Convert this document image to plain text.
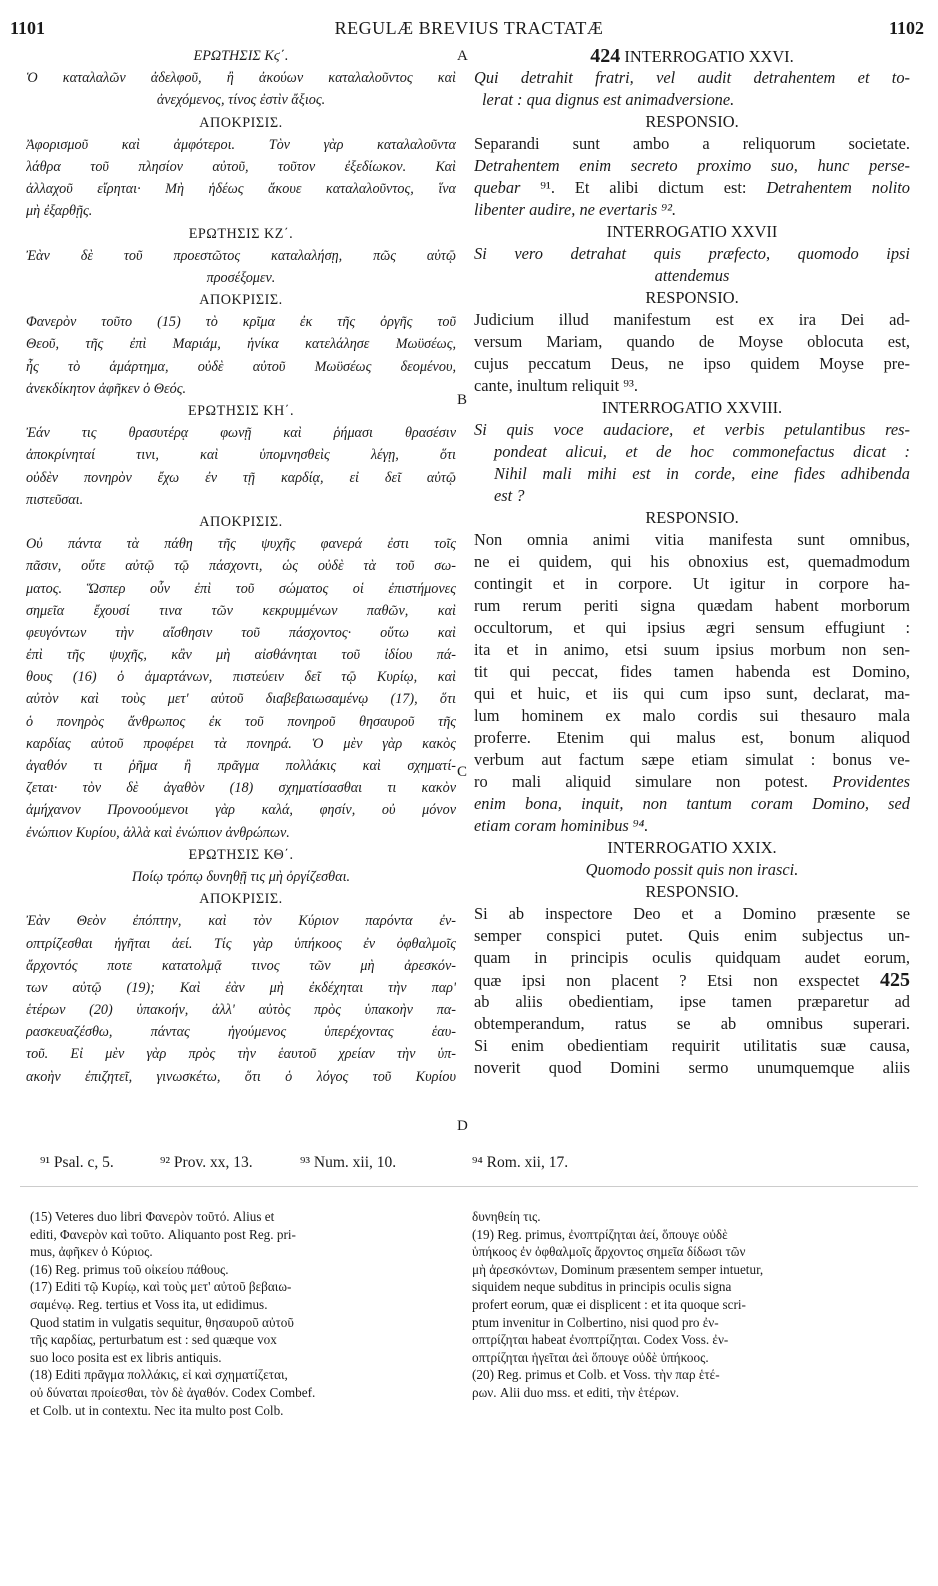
1101	REGULÆ BREVIUS TRACTATÆ	1102
ΕΡΩΤΗΣΙΣ Κϛ΄.
Ὁ καταλαλῶν ἀδελφοῦ, ἢ ἀκούων καταλαλοῦντος καὶ
ἀνεχόμενος, τίνος ἐστὶν ἄξιος.
ΑΠΟΚΡΙΣΙΣ.
Ἀφορισμοῦ καὶ ἀμφότεροι. Τὸν γὰρ καταλαλοῦντα
λάθρα τοῦ πλησίον αὐτοῦ, τοῦτον ἐξεδίωκον. Καὶ
ἀλλαχοῦ εἴρηται· Μὴ ἡδέως ἄκουε καταλαλοῦντος, ἵνα
μὴ ἐξαρθῇς.
ΕΡΩΤΗΣΙΣ ΚΖ΄.
Ἐὰν δὲ τοῦ προεστῶτος καταλαλήσῃ, πῶς αὐτῷ
προσέξομεν.
ΑΠΟΚΡΙΣΙΣ.
Φανερὸν τοῦτο (15) τὸ κρῖμα ἐκ τῆς ὀργῆς τοῦ
Θεοῦ, τῆς ἐπὶ Μαριάμ, ἡνίκα κατελάλησε Μωϋσέως,
ἧς τὸ ἁμάρτημα, οὐδὲ αὐτοῦ Μωϋσέως δεομένου,
ἀνεκδίκητον ἀφῆκεν ὁ Θεός.
ΕΡΩΤΗΣΙΣ ΚΗ΄.
Ἐάν τις θρασυτέρᾳ φωνῇ καὶ ῥήμασι θρασέσιν
ἀποκρίνηταί τινι, καὶ ὑπομνησθεὶς λέγῃ, ὅτι
οὐδὲν πονηρὸν ἔχω ἐν τῇ καρδίᾳ, εἰ δεῖ αὐτῷ
πιστεῦσαι.
ΑΠΟΚΡΙΣΙΣ.
Οὐ πάντα τὰ πάθη τῆς ψυχῆς φανερά ἐστι τοῖς
πᾶσιν, οὔτε αὐτῷ τῷ πάσχοντι, ὡς οὐδὲ τὰ τοῦ σω-
ματος. Ὥσπερ οὖν ἐπὶ τοῦ σώματος οἱ ἐπιστήμονες
σημεῖα ἔχουσί τινα τῶν κεκρυμμένων παθῶν, καὶ
φευγόντων τὴν αἴσθησιν τοῦ πάσχοντος· οὕτω καὶ
ἐπὶ τῆς ψυχῆς, κἂν μὴ αἰσθάνηται τοῦ ἰδίου πά-
θους (16) ὁ ἁμαρτάνων, πιστεύειν δεῖ τῷ Κυρίῳ, καὶ
αὐτὸν καὶ τοὺς μετ' αὐτοῦ διαβεβαιωσαμένῳ (17), ὅτι
ὁ πονηρὸς ἄνθρωπος ἐκ τοῦ πονηροῦ θησαυροῦ τῆς
καρδίας αὐτοῦ προφέρει τὰ πονηρά. Ὁ μὲν γὰρ κακὸς
ἀγαθόν τι ῥῆμα ἢ πρᾶγμα πολλάκις καὶ σχηματί-
ζεται· τὸν δὲ ἀγαθὸν (18) σχηματίσασθαι τι κακὸν
ἀμήχανον Προνοούμενοι γὰρ καλά, φησίν, οὐ μόνον
ἐνώπιον Κυρίου, ἀλλὰ καὶ ἐνώπιον ἀνθρώπων.
ΕΡΩΤΗΣΙΣ ΚΘ΄.
Ποίῳ τρόπῳ δυνηθῇ τις μὴ ὀργίζεσθαι.
ΑΠΟΚΡΙΣΙΣ.
Ἐὰν Θεὸν ἐπόπτην, καὶ τὸν Κύριον παρόντα ἐν-
οπτρίζεσθαι ἡγῆται ἀεί. Τίς γὰρ ὑπήκοος ἐν ὀφθαλμοῖς
ἄρχοντός ποτε κατατολμᾷ τινος τῶν μὴ ἀρεσκόν-
των αὐτῷ (19); Καὶ ἐὰν μὴ ἐκδέχηται τὴν παρ'
ἑτέρων (20) ὑπακοήν, ἀλλ' αὐτὸς πρὸς ὑπακοὴν πα-
ρασκευαζέσθω, πάντας ἡγούμενος ὑπερέχοντας ἑαυ-
τοῦ. Εἰ μὲν γὰρ πρὸς τὴν ἑαυτοῦ χρείαν τὴν ὑπ-
ακοὴν ἐπιζητεῖ, γινωσκέτω, ὅτι ὁ λόγος τοῦ Κυρίου
A
B
C
D
424 INTERROGATIO XXVI.
Qui detrahit fratri, vel audit detrahentem et to-
lerat : qua dignus est animadversione.
RESPONSIO.
Separandi sunt ambo a reliquorum societate.
Detrahentem enim secreto proximo suo, hunc perse-
quebar ⁹¹. Et alibi dictum est: Detrahentem nolito
libenter audire, ne evertaris ⁹².
INTERROGATIO XXVII
Si vero detrahat quis præfecto, quomodo ipsi
attendemus
RESPONSIO.
Judicium illud manifestum est ex ira Dei ad-
versum Mariam, quando de Moyse oblocuta est,
cujus peccatum Deus, ne ipso quidem Moyse pre-
cante, inultum reliquit ⁹³.
INTERROGATIO XXVIII.
Si quis voce audaciore, et verbis petulantibus res-
pondeat alicui, et de hoc commonefactus dicat :
Nihil mali mihi est in corde, eine fides adhibenda
est ?
RESPONSIO.
Non omnia animi vitia manifesta sunt omnibus,
ne ei quidem, qui his obnoxius est, quemadmodum
contingit et in corpore. Ut igitur in corpore ha-
rum rerum periti signa quædam habent morborum
occultorum, et qui ipsius ægri sensum effugiunt :
ita et in animo, etsi suum ipsius morbum non sen-
tit qui peccat, fides tamen habenda est Domino,
qui et huic, et iis qui cum ipso sunt, declarat, ma-
lum hominem ex malo cordis sui thesauro mala
proferre. Etenim qui malus est, bonum aliquod
verbum aut factum sæpe etiam simulat : bonus ve-
ro mali aliquid simulare non potest. Providentes
enim bona, inquit, non tantum coram Domino, sed
etiam coram hominibus ⁹⁴.
INTERROGATIO XXIX.
Quomodo possit quis non irasci.
RESPONSIO.
Si ab inspectore Deo et a Domino præsente se
semper conspici putet. Quis enim subjectus un-
quam in principis oculis quidquam audet eorum,
quæ ipsi non placent ? Etsi non exspectet 425
ab aliis obedientiam, ipse tamen præparetur ad
obtemperandum, ratus se ab omnibus superari.
Si enim obedientiam requirit utilitatis suæ causa,
noverit quod Domini sermo unumquemque aliis
⁹¹ Psal. c, 5.	⁹² Prov. xx, 13.	⁹³ Num. xii, 10.	⁹⁴ Rom. xii, 17.
(15) Veteres duo libri Φανερὸν τοῦτό. Alius et
editi, Φανερὸν καὶ τοῦτο. Aliquanto post Reg. pri-
mus, ἀφῆκεν ὁ Κύριος.
(16) Reg. primus τοῦ οἰκείου πάθους.
(17) Editi τῷ Κυρίῳ, καὶ τοὺς μετ' αὐτοῦ βεβαιω-
σαμένῳ. Reg. tertius et Voss ita, ut edidimus.
Quod statim in vulgatis sequitur, θησαυροῦ αὐτοῦ
τῆς καρδίας, perturbatum est : sed quæque vox
suo loco posita est ex libris antiquis.
(18) Editi πρᾶγμα πολλάκις, εἰ καὶ σχηματίζεται,
οὐ δύναται προίεσθαι, τὸν δὲ ἀγαθόν. Codex Combef.
et Colb. ut in contextu. Nec ita multo post Colb.
δυνηθείη τις.
(19) Reg. primus, ἐνοπτρίζηται ἀεί, ὅπουγε οὐδὲ
ὑπήκοος ἐν ὀφθαλμοῖς ἄρχοντος σημεῖα δίδωσι τῶν
μὴ ἀρεσκόντων, Dominum præsentem semper intuetur,
siquidem neque subditus in principis oculis signa
profert eorum, quæ ei displicent : et ita quoque scri-
ptum invenitur in Colbertino, nisi quod pro ἐν-
οπτρίζηται habeat ἐνοπτρίζηται. Codex Voss. ἐν-
οπτρίζηται ἡγεῖται ἀεὶ ὅπουγε οὐδὲ ὑπήκοος.
(20) Reg. primus et Colb. et Voss. τὴν παρ ἑτέ-
ρων. Alii duo mss. et editi, τὴν ἑτέρων.
